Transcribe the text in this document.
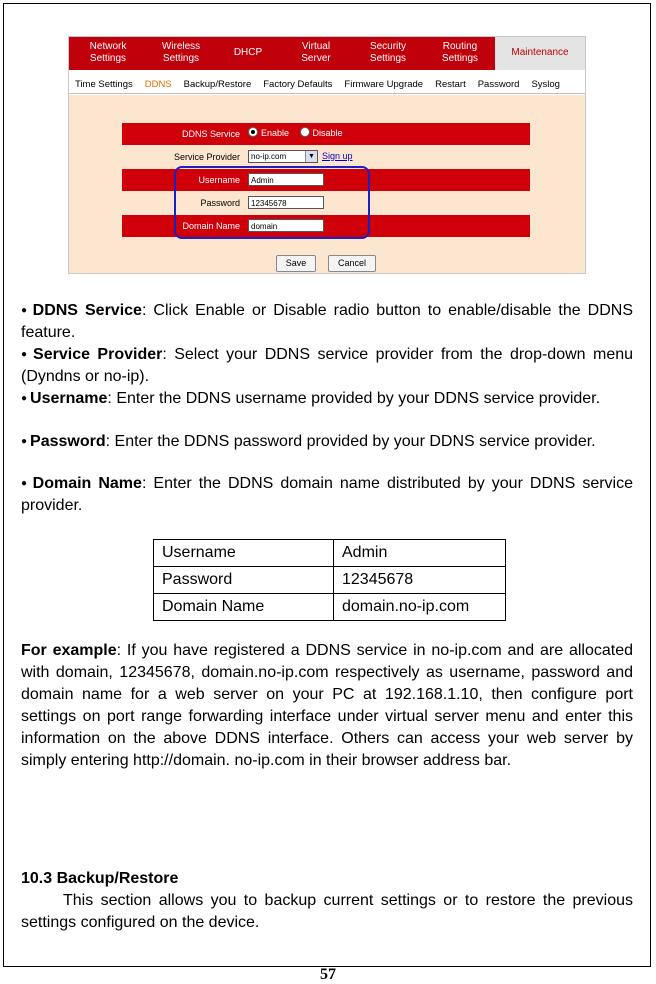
Network
Settings
Wireless
Settings
DHCP
Virtual
Server
Security
Settings
Routing
Settings
Maintenance
Time Settings	DDNS	Backup/Restore	Factory Defaults	Firmware Upgrade	Restart	Password	Syslog
DDNS Service	Enable	Disable
Service Provider	no-ip.com	▼ Sign up
Username	Admin
Password	12345678
Domain Name	domain
Save	Cancel
● DDNS Service: Click Enable or Disable radio button to enable/disable the DDNS feature.
● Service Provider: Select your DDNS service provider from the drop-down menu (Dyndns or no-ip).
● Username: Enter the DDNS username provided by your DDNS service provider.
● Password: Enter the DDNS password provided by your DDNS service provider.
● Domain Name: Enter the DDNS domain name distributed by your DDNS service provider.
Username	Admin
Password	12345678
Domain Name	domain.no-ip.com
For example: If you have registered a DDNS service in no-ip.com and are allocated with domain, 12345678, domain.no-ip.com respectively as username, password and domain name for a web server on your PC at 192.168.1.10, then configure port settings on port range forwarding interface under virtual server menu and enter this information on the above DDNS interface. Others can access your web server by simply entering http://domain. no-ip.com in their browser address bar.
10.3 Backup/Restore
This section allows you to backup current settings or to restore the previous settings configured on the device.
57
